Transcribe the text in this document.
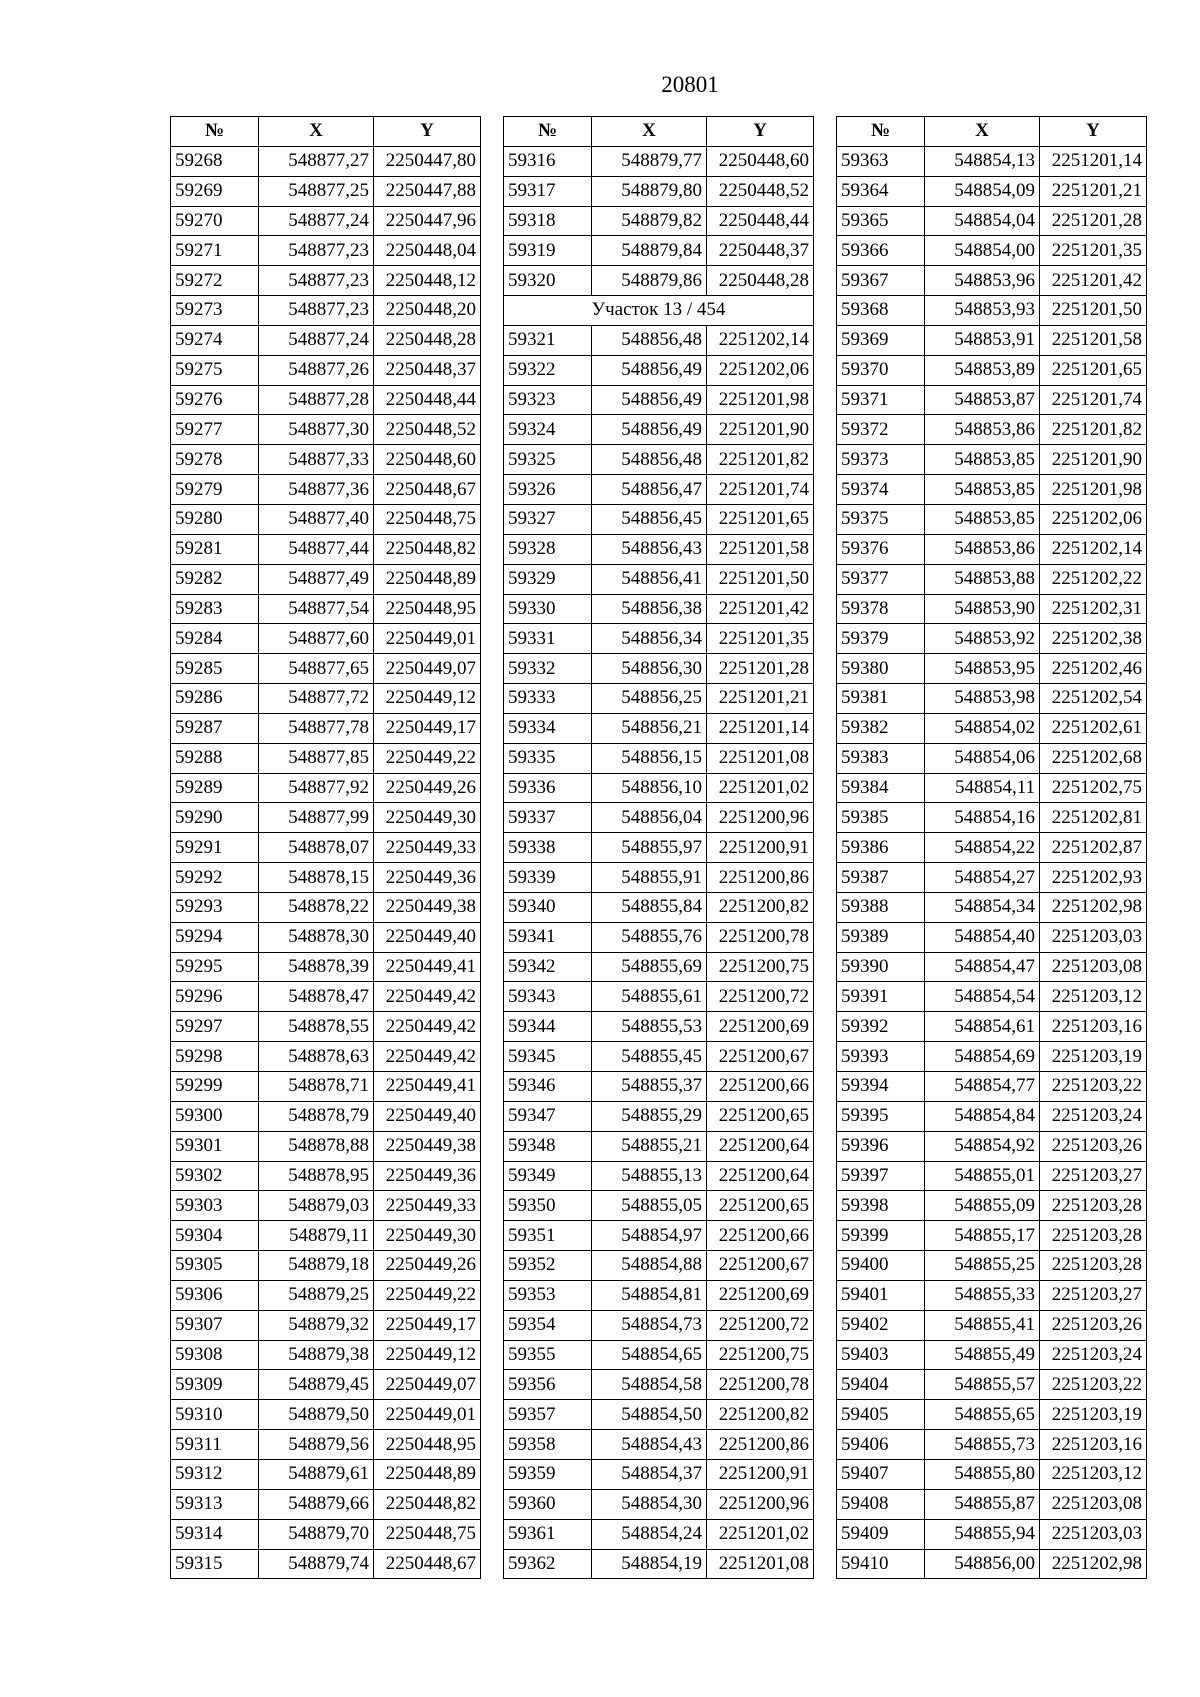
20801
№	X	Y
59268	548877,27	2250447,80
59269	548877,25	2250447,88
59270	548877,24	2250447,96
59271	548877,23	2250448,04
59272	548877,23	2250448,12
59273	548877,23	2250448,20
59274	548877,24	2250448,28
59275	548877,26	2250448,37
59276	548877,28	2250448,44
59277	548877,30	2250448,52
59278	548877,33	2250448,60
59279	548877,36	2250448,67
59280	548877,40	2250448,75
59281	548877,44	2250448,82
59282	548877,49	2250448,89
59283	548877,54	2250448,95
59284	548877,60	2250449,01
59285	548877,65	2250449,07
59286	548877,72	2250449,12
59287	548877,78	2250449,17
59288	548877,85	2250449,22
59289	548877,92	2250449,26
59290	548877,99	2250449,30
59291	548878,07	2250449,33
59292	548878,15	2250449,36
59293	548878,22	2250449,38
59294	548878,30	2250449,40
59295	548878,39	2250449,41
59296	548878,47	2250449,42
59297	548878,55	2250449,42
59298	548878,63	2250449,42
59299	548878,71	2250449,41
59300	548878,79	2250449,40
59301	548878,88	2250449,38
59302	548878,95	2250449,36
59303	548879,03	2250449,33
59304	548879,11	2250449,30
59305	548879,18	2250449,26
59306	548879,25	2250449,22
59307	548879,32	2250449,17
59308	548879,38	2250449,12
59309	548879,45	2250449,07
59310	548879,50	2250449,01
59311	548879,56	2250448,95
59312	548879,61	2250448,89
59313	548879,66	2250448,82
59314	548879,70	2250448,75
59315	548879,74	2250448,67
№	X	Y
59316	548879,77	2250448,60
59317	548879,80	2250448,52
59318	548879,82	2250448,44
59319	548879,84	2250448,37
59320	548879,86	2250448,28
Участок 13 / 454		
59321	548856,48	2251202,14
59322	548856,49	2251202,06
59323	548856,49	2251201,98
59324	548856,49	2251201,90
59325	548856,48	2251201,82
59326	548856,47	2251201,74
59327	548856,45	2251201,65
59328	548856,43	2251201,58
59329	548856,41	2251201,50
59330	548856,38	2251201,42
59331	548856,34	2251201,35
59332	548856,30	2251201,28
59333	548856,25	2251201,21
59334	548856,21	2251201,14
59335	548856,15	2251201,08
59336	548856,10	2251201,02
59337	548856,04	2251200,96
59338	548855,97	2251200,91
59339	548855,91	2251200,86
59340	548855,84	2251200,82
59341	548855,76	2251200,78
59342	548855,69	2251200,75
59343	548855,61	2251200,72
59344	548855,53	2251200,69
59345	548855,45	2251200,67
59346	548855,37	2251200,66
59347	548855,29	2251200,65
59348	548855,21	2251200,64
59349	548855,13	2251200,64
59350	548855,05	2251200,65
59351	548854,97	2251200,66
59352	548854,88	2251200,67
59353	548854,81	2251200,69
59354	548854,73	2251200,72
59355	548854,65	2251200,75
59356	548854,58	2251200,78
59357	548854,50	2251200,82
59358	548854,43	2251200,86
59359	548854,37	2251200,91
59360	548854,30	2251200,96
59361	548854,24	2251201,02
59362	548854,19	2251201,08
№	X	Y
59363	548854,13	2251201,14
59364	548854,09	2251201,21
59365	548854,04	2251201,28
59366	548854,00	2251201,35
59367	548853,96	2251201,42
59368	548853,93	2251201,50
59369	548853,91	2251201,58
59370	548853,89	2251201,65
59371	548853,87	2251201,74
59372	548853,86	2251201,82
59373	548853,85	2251201,90
59374	548853,85	2251201,98
59375	548853,85	2251202,06
59376	548853,86	2251202,14
59377	548853,88	2251202,22
59378	548853,90	2251202,31
59379	548853,92	2251202,38
59380	548853,95	2251202,46
59381	548853,98	2251202,54
59382	548854,02	2251202,61
59383	548854,06	2251202,68
59384	548854,11	2251202,75
59385	548854,16	2251202,81
59386	548854,22	2251202,87
59387	548854,27	2251202,93
59388	548854,34	2251202,98
59389	548854,40	2251203,03
59390	548854,47	2251203,08
59391	548854,54	2251203,12
59392	548854,61	2251203,16
59393	548854,69	2251203,19
59394	548854,77	2251203,22
59395	548854,84	2251203,24
59396	548854,92	2251203,26
59397	548855,01	2251203,27
59398	548855,09	2251203,28
59399	548855,17	2251203,28
59400	548855,25	2251203,28
59401	548855,33	2251203,27
59402	548855,41	2251203,26
59403	548855,49	2251203,24
59404	548855,57	2251203,22
59405	548855,65	2251203,19
59406	548855,73	2251203,16
59407	548855,80	2251203,12
59408	548855,87	2251203,08
59409	548855,94	2251203,03
59410	548856,00	2251202,98
